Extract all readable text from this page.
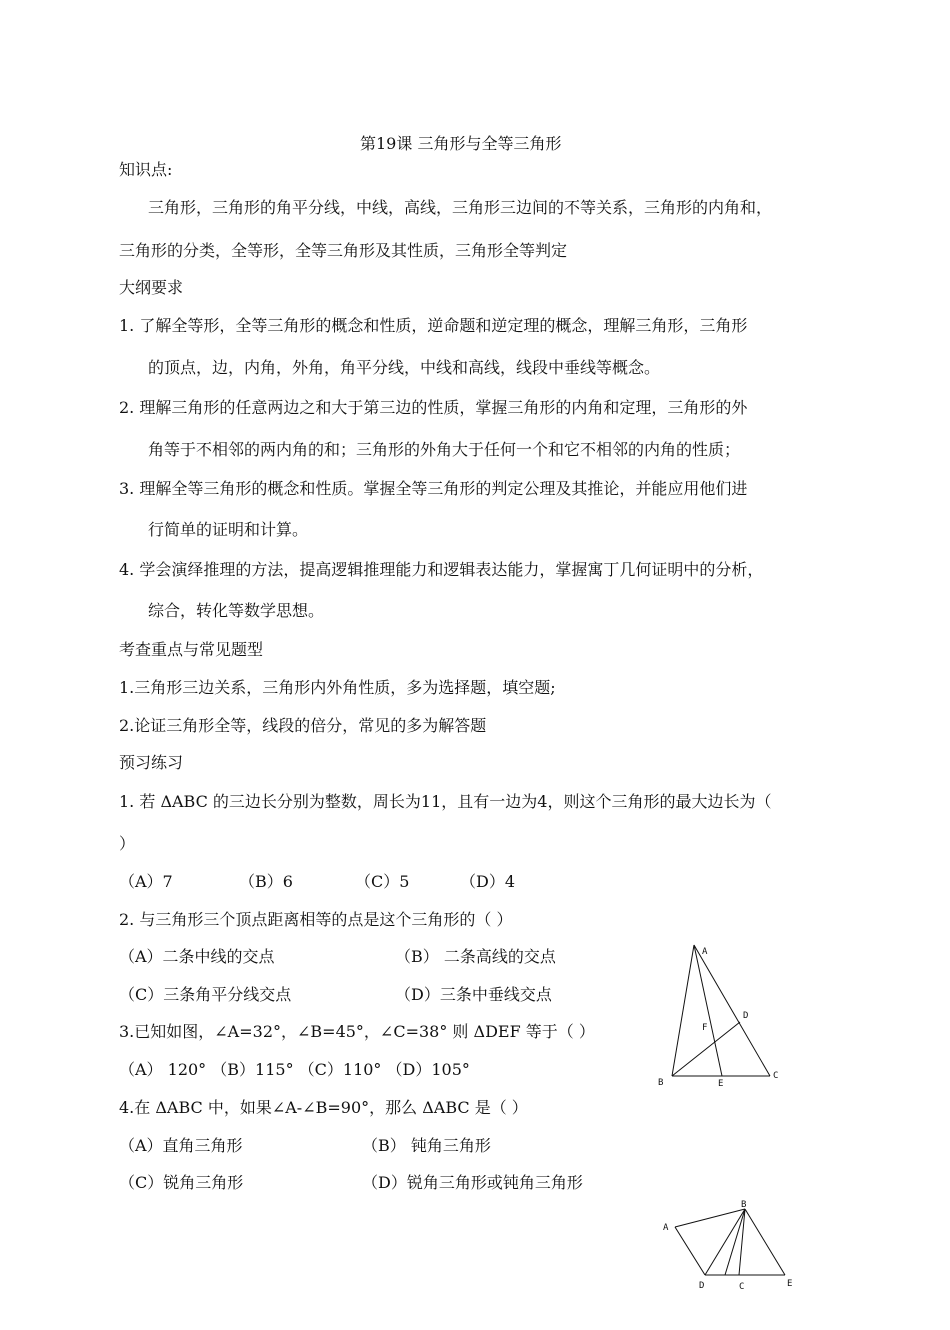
第19课 三角形与全等三角形
知识点:
三角形，三角形的角平分线，中线，高线，三角形三边间的不等关系，三角形的内角和，
三角形的分类，全等形，全等三角形及其性质，三角形全等判定
大纲要求
1. 了解全等形，全等三角形的概念和性质，逆命题和逆定理的概念，理解三角形，三角形
的顶点，边，内角，外角，角平分线，中线和高线，线段中垂线等概念。
2. 理解三角形的任意两边之和大于第三边的性质，掌握三角形的内角和定理，三角形的外
角等于不相邻的两内角的和；三角形的外角大于任何一个和它不相邻的内角的性质；
3. 理解全等三角形的概念和性质。掌握全等三角形的判定公理及其推论，并能应用他们进
行简单的证明和计算。
4. 学会演绎推理的方法，提高逻辑推理能力和逻辑表达能力，掌握寓丁几何证明中的分析，
综合，转化等数学思想。
考查重点与常见题型
1.三角形三边关系，三角形内外角性质，多为选择题，填空题;
2.论证三角形全等，线段的倍分，常见的多为解答题
预习练习
1. 若 ΔABC 的三边长分别为整数，周长为11，且有一边为4，则这个三角形的最大边长为（
）
（A）7	（B）6	（C）5	（D）4
2. 与三角形三个顶点距离相等的点是这个三角形的（ ）
（A）二条中线的交点	（B） 二条高线的交点
（C）三条角平分线交点	（D）三条中垂线交点
3.已知如图，∠A=32°，∠B=45°，∠C=38° 则 ΔDEF 等于（ ）
（A） 120° （B）115° （C）110° （D）105°
4.在 ΔABC 中，如果∠A-∠B=90°，那么 ΔABC 是（ ）
（A）直角三角形	（B） 钝角三角形
（C）锐角三角形	（D）锐角三角形或钝角三角形
A
B
C
D
E
F
A
B
C
D	E
